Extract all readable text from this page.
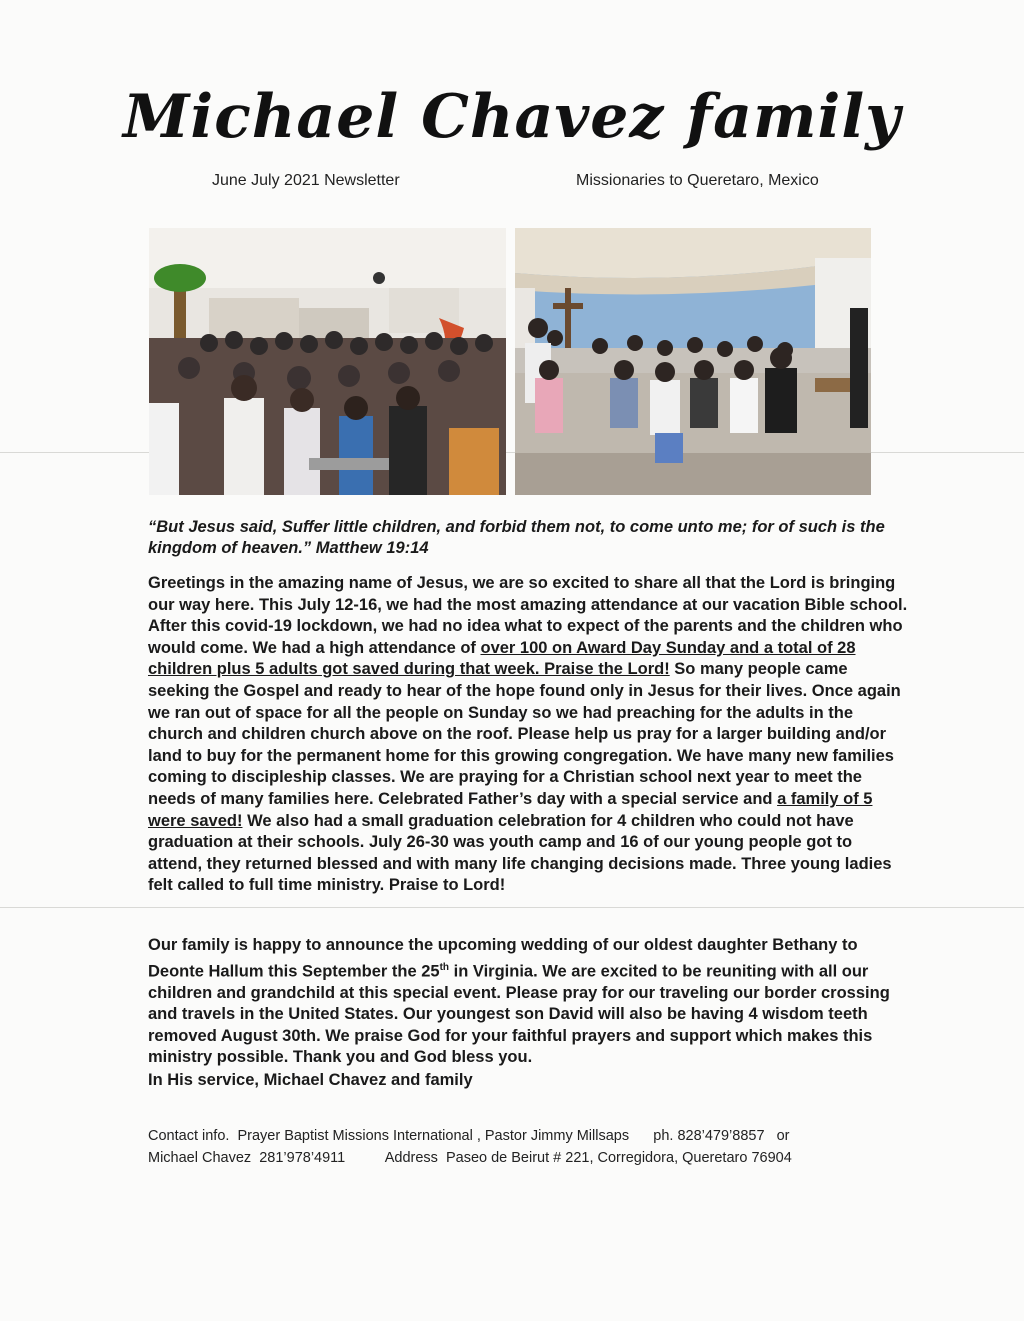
Michael Chavez family
June July 2021 Newsletter	Missionaries to Queretaro, Mexico
“But Jesus said, Suffer little children, and forbid them not, to come unto me; for of such is the kingdom of heaven.” Matthew 19:14
Greetings in the amazing name of Jesus, we are so excited to share all that the Lord is bringing our way here. This July 12-16, we had the most amazing attendance at our vacation Bible school. After this covid-19 lockdown, we had no idea what to expect of the parents and the children who would come. We had a high attendance of over 100 on Award Day Sunday and a total of 28 children plus 5 adults got saved during that week. Praise the Lord! So many people came seeking the Gospel and ready to hear of the hope found only in Jesus for their lives. Once again we ran out of space for all the people on Sunday so we had preaching for the adults in the church and children church above on the roof. Please help us pray for a larger building and/or land to buy for the permanent home for this growing congregation. We have many new families coming to discipleship classes. We are praying for a Christian school next year to meet the needs of many families here. Celebrated Father’s day with a special service and a family of 5 were saved! We also had a small graduation celebration for 4 children who could not have graduation at their schools. July 26-30 was youth camp and 16 of our young people got to attend, they returned blessed and with many life changing decisions made. Three young ladies felt called to full time ministry. Praise to Lord!
Our family is happy to announce the upcoming wedding of our oldest daughter Bethany to Deonte Hallum this September the 25th in Virginia. We are excited to be reuniting with all our children and grandchild at this special event. Please pray for our traveling our border crossing and travels in the United States. Our youngest son David will also be having 4 wisdom teeth removed August 30th. We praise God for your faithful prayers and support which makes this ministry possible. Thank you and God bless you.
In His service, Michael Chavez and family
Contact info.  Prayer Baptist Missions International , Pastor Jimmy Millsaps      ph. 828’479’8857   or
Michael Chavez  281’978’4911          Address  Paseo de Beirut # 221, Corregidora, Queretaro 76904
